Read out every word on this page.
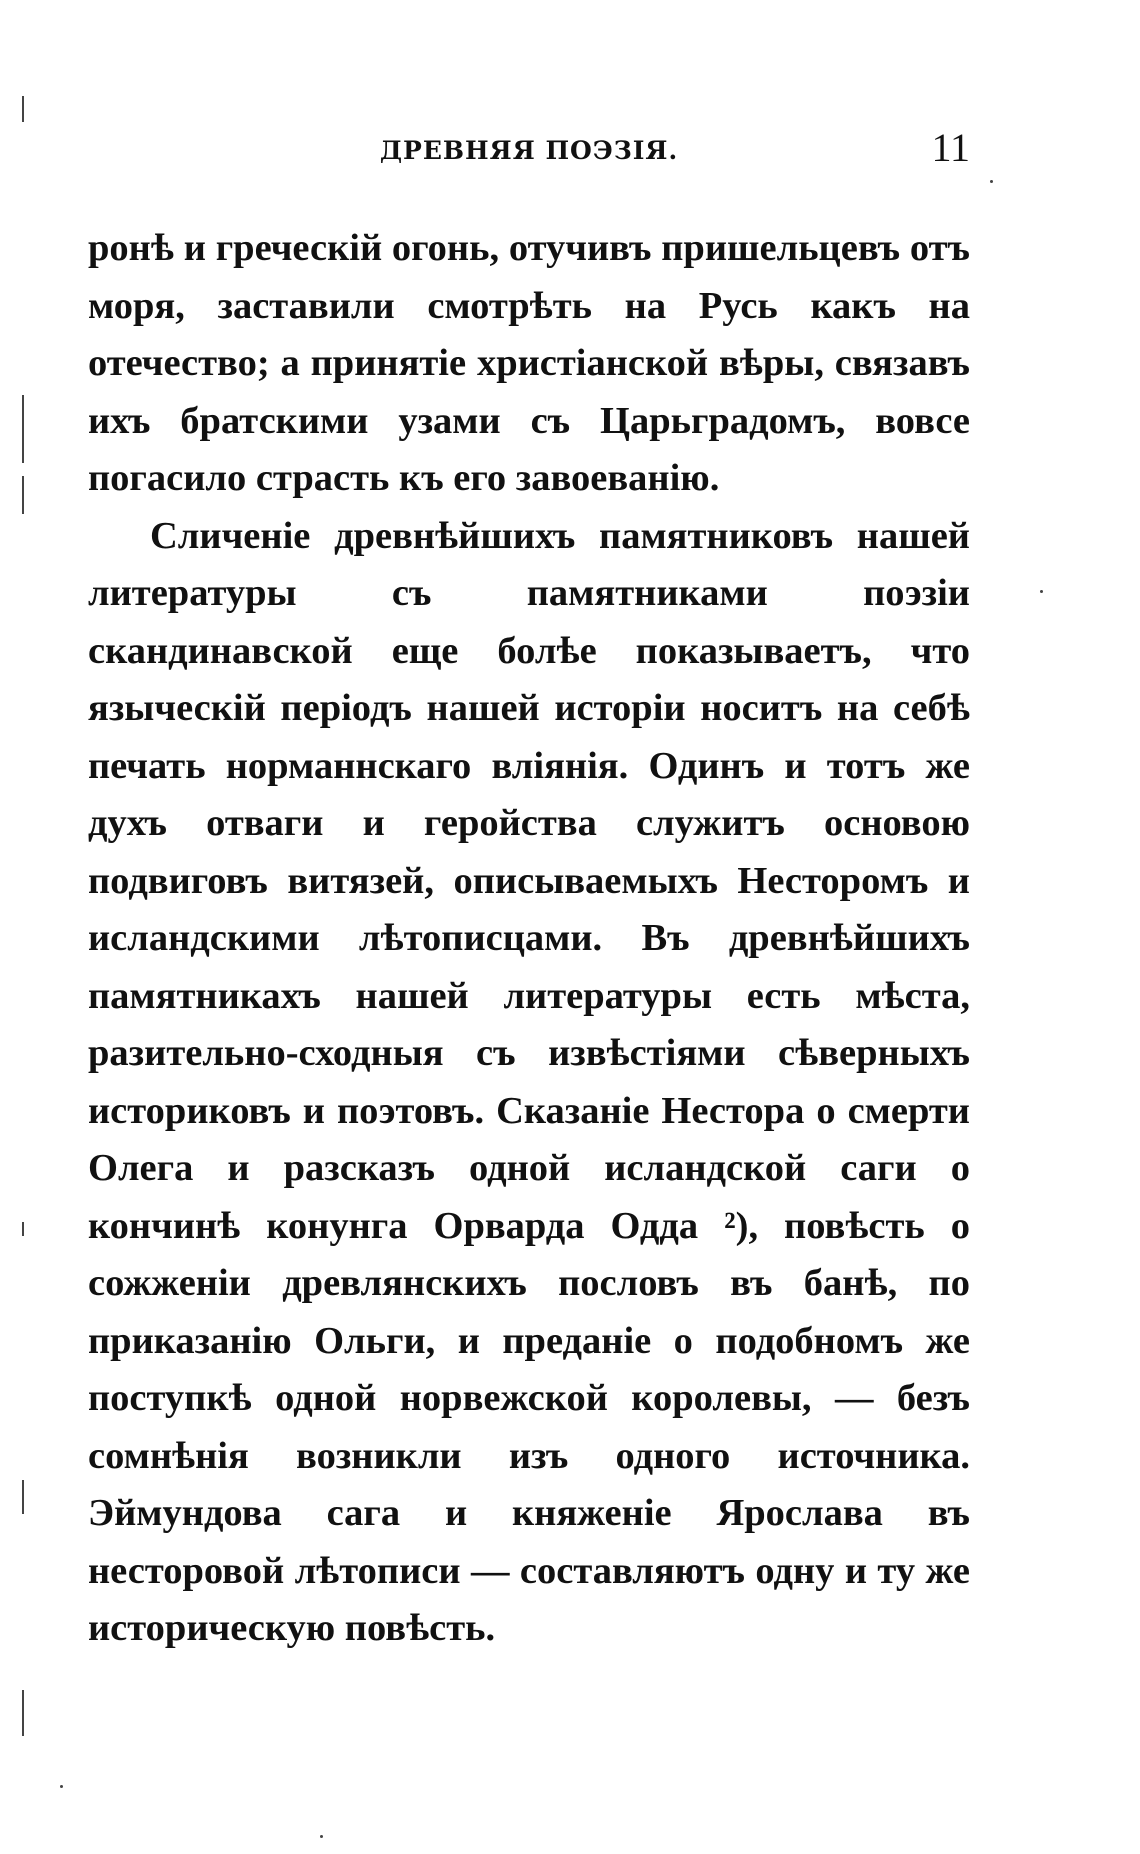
ДРЕВНЯЯ ПОЭЗІЯ.	11

ронѣ и греческій огонь, отучивъ пришельцевъ отъ моря, заставили смотрѣть на Русь какъ на отечество; а принятіе христіанской вѣры, связавъ ихъ братскими узами съ Царьградомъ, вовсе погасило страсть къ его завоеванію.

Сличеніе древнѣйшихъ памятниковъ нашей литературы съ памятниками поэзіи скандинавской еще болѣе показываетъ, что языческій періодъ нашей исторіи носитъ на себѣ печать норманнскаго вліянія. Одинъ и тотъ же духъ отваги и геройства служитъ основою подвиговъ витязей, описываемыхъ Несторомъ и исландскими лѣтописцами. Въ древнѣйшихъ памятникахъ нашей литературы есть мѣста, разительно-сходныя съ извѣстіями сѣверныхъ историковъ и поэтовъ. Сказаніе Нестора о смерти Олега и разсказъ одной исландской саги о кончинѣ конунга Орварда Одда ²), повѣсть о сожженіи древлянскихъ пословъ въ банѣ, по приказанію Ольги, и преданіе о подобномъ же поступкѣ одной норвежской королевы, — безъ сомнѣнія возникли изъ одного источника. Эймундова сага и княженіе Ярослава въ несторовой лѣтописи — составляютъ одну и ту же историческую повѣсть.
